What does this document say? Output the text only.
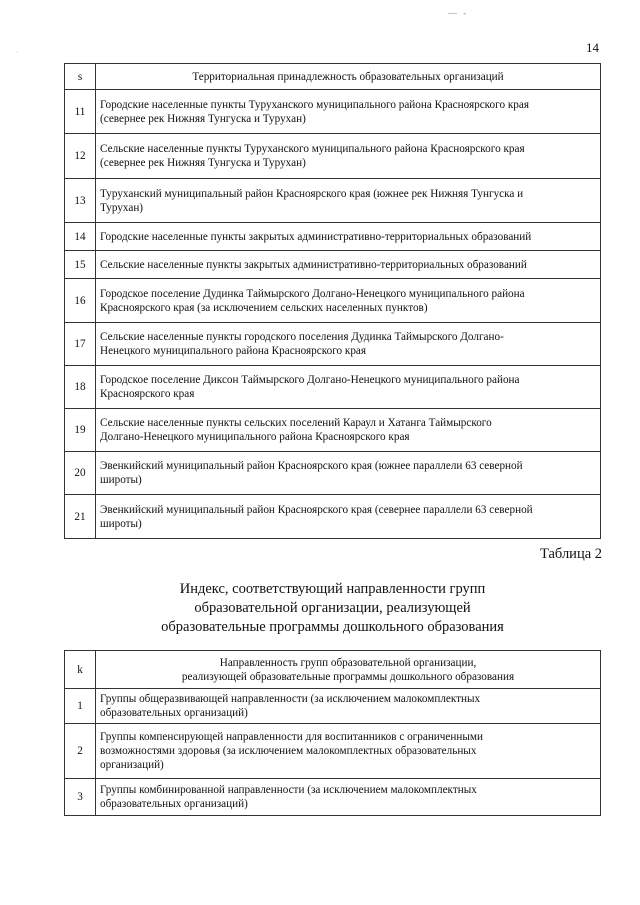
— -
·	14
s	Территориальная принадлежность образовательных организаций
11	Городские населенные пункты Туруханского муниципального района Красноярского края
(севернее рек Нижняя Тунгуска и Турухан)

12	Сельские населенные пункты Туруханского муниципального района Красноярского края
(севернее рек Нижняя Тунгуска и Турухан)

13	Туруханский муниципальный район Красноярского края (южнее рек Нижняя Тунгуска и
Турухан)

14	Городские населенные пункты закрытых административно-территориальных образований

15	Сельские населенные пункты закрытых административно-территориальных образований

16	Городское поселение Дудинка Таймырского Долгано-Ненецкого муниципального района
Красноярского края (за исключением сельских населенных пунктов)

17	Сельские населенные пункты городского поселения Дудинка Таймырского Долгано-
Ненецкого муниципального района Красноярского края

18	Городское поселение Диксон Таймырского Долгано-Ненецкого муниципального района
Красноярского края

19	Сельские населенные пункты сельских поселений Караул и Хатанга Таймырского
Долгано-Ненецкого муниципального района Красноярского края

20	Эвенкийский муниципальный район Красноярского края (южнее параллели 63 северной
широты)

21	Эвенкийский муниципальный район Красноярского края (севернее параллели 63 северной
широты)
Таблица 2
Индекс, соответствующий направленности групп
образовательной организации, реализующей
образовательные программы дошкольного образования
k	Направленность групп образовательной организации,
реализующей образовательные программы дошкольного образования

1	Группы общеразвивающей направленности (за исключением малокомплектных
образовательных организаций)

2	Группы компенсирующей направленности для воспитанников с ограниченными
возможностями здоровья (за исключением малокомплектных образовательных
организаций)

3	Группы комбинированной направленности (за исключением малокомплектных
образовательных организаций)
